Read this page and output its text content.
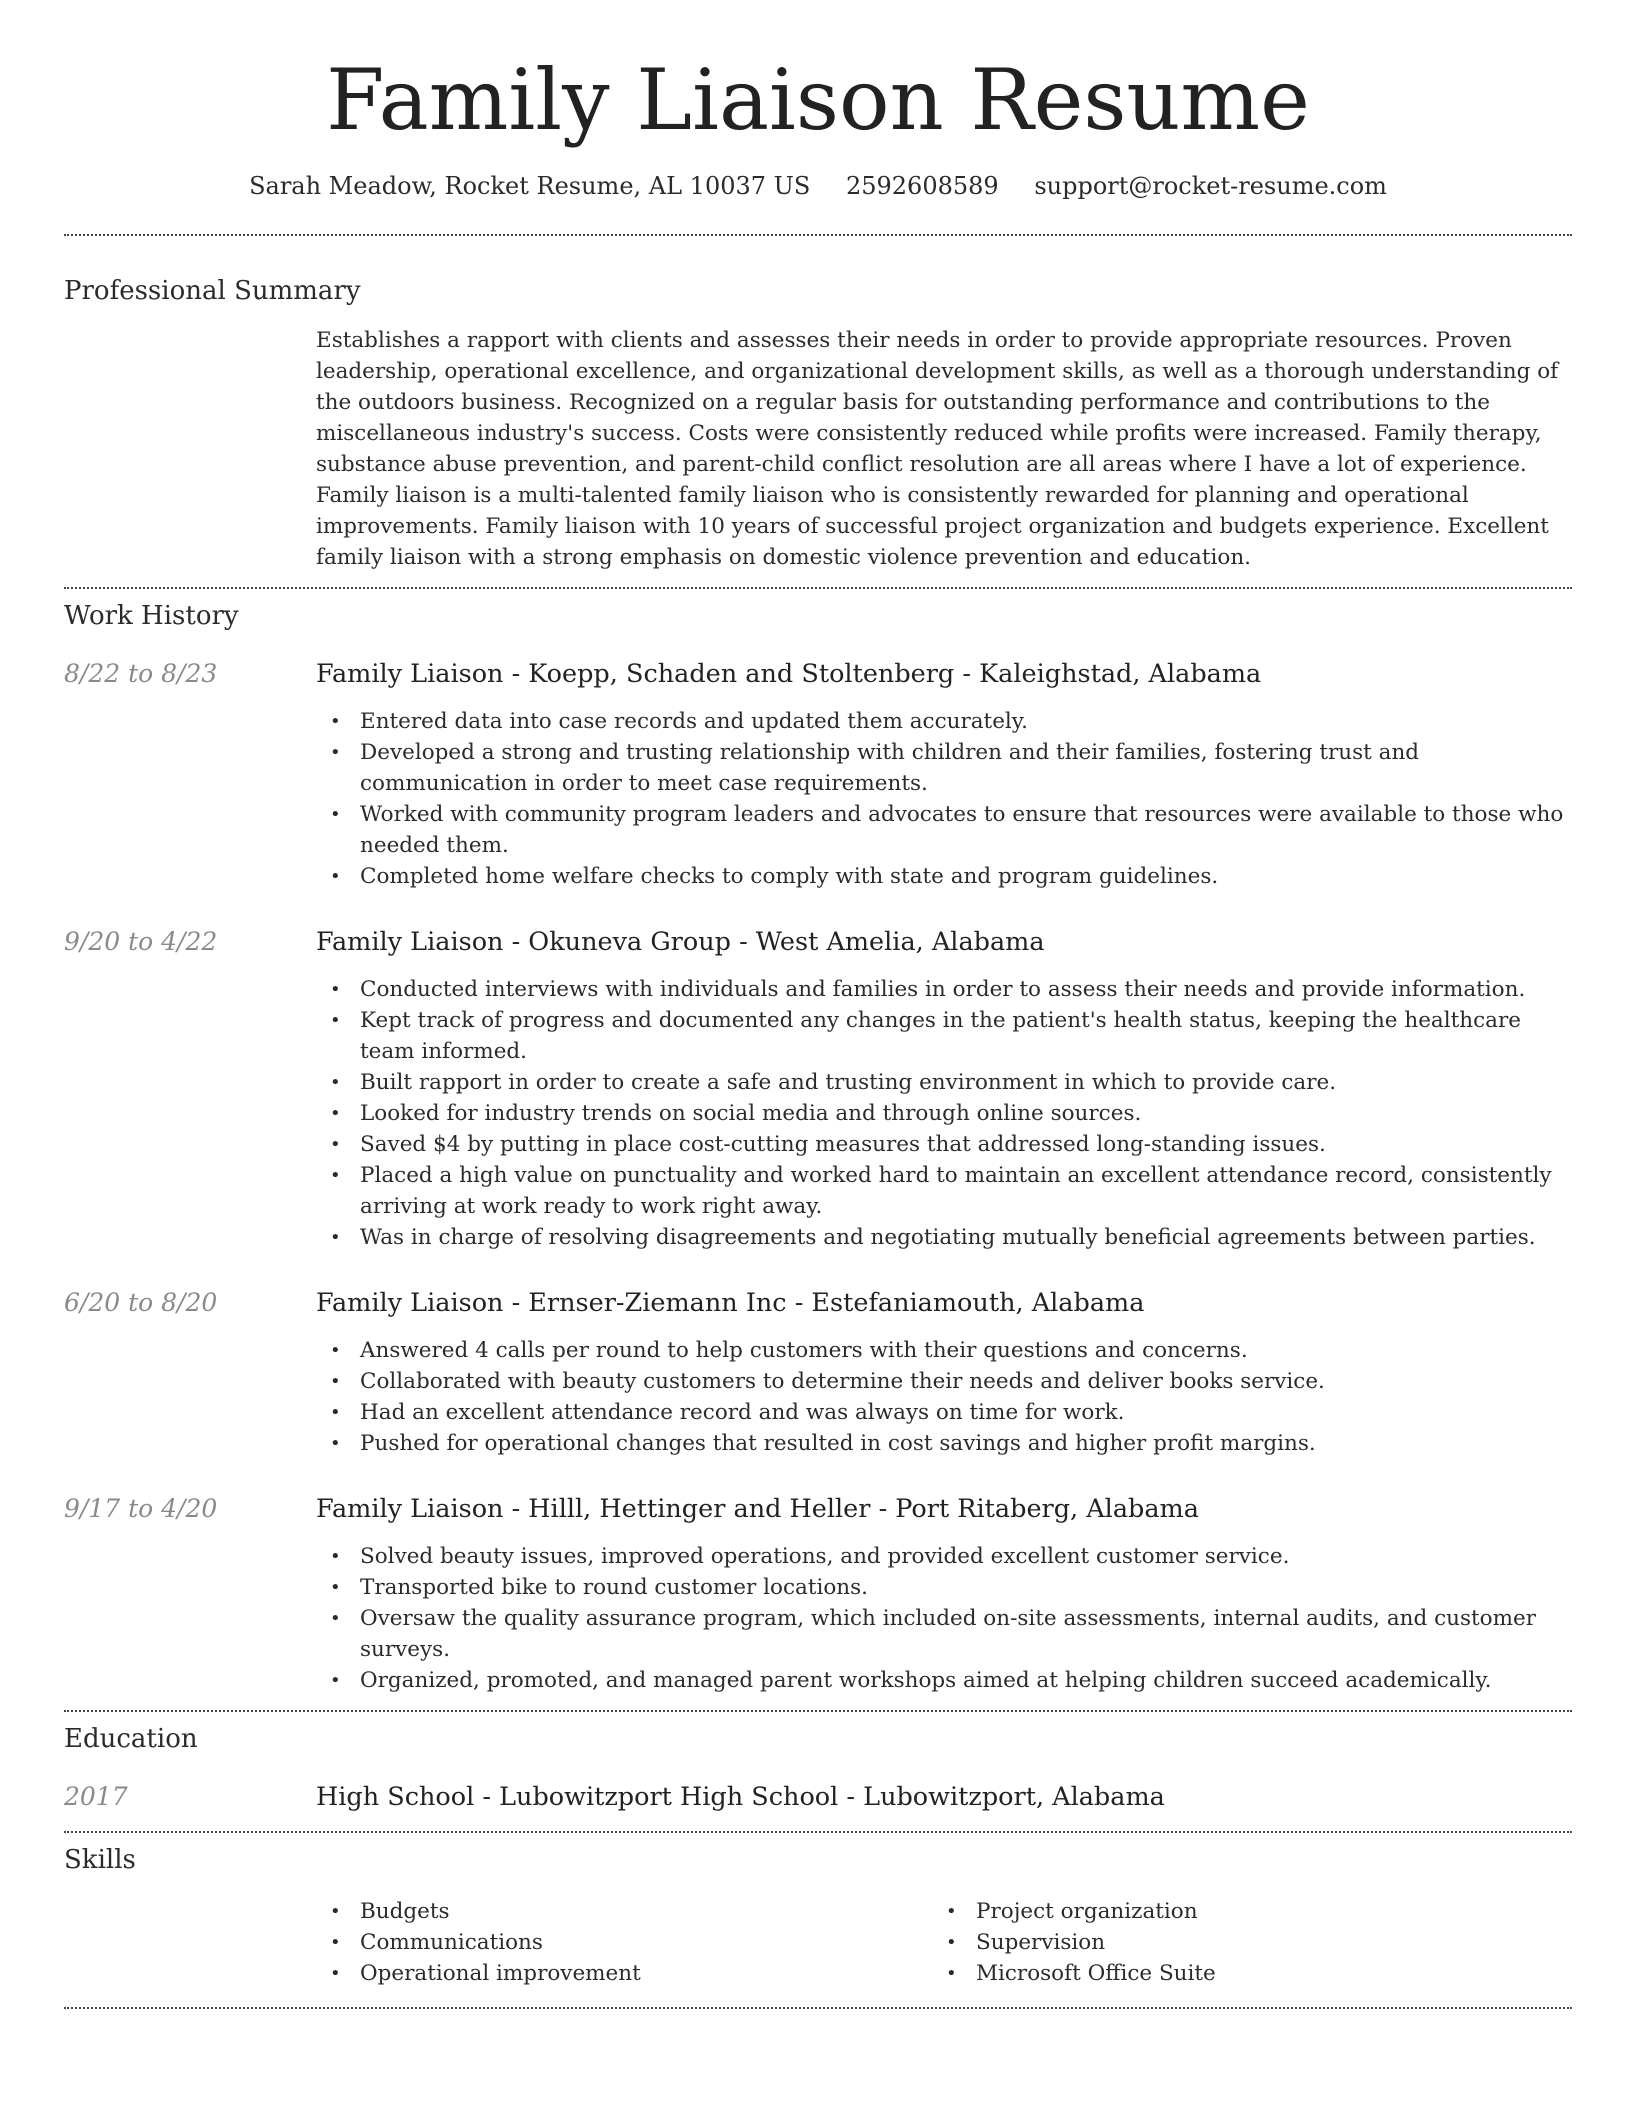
Family Liaison Resume
Sarah Meadow, Rocket Resume, AL 10037 US 2592608589 support@rocket-resume.com
Professional Summary
Establishes a rapport with clients and assesses their needs in order to provide appropriate resources. Proven leadership, operational excellence, and organizational development skills, as well as a thorough understanding of the outdoors business. Recognized on a regular basis for outstanding performance and contributions to the miscellaneous industry's success. Costs were consistently reduced while profits were increased. Family therapy, substance abuse prevention, and parent-child conflict resolution are all areas where I have a lot of experience. Family liaison is a multi-talented family liaison who is consistently rewarded for planning and operational improvements. Family liaison with 10 years of successful project organization and budgets experience. Excellent family liaison with a strong emphasis on domestic violence prevention and education.
Work History
8/22 to 8/23	Family Liaison - Koepp, Schaden and Stoltenberg - Kaleighstad, Alabama
• Entered data into case records and updated them accurately.
• Developed a strong and trusting relationship with children and their families, fostering trust and communication in order to meet case requirements.
• Worked with community program leaders and advocates to ensure that resources were available to those who needed them.
• Completed home welfare checks to comply with state and program guidelines.
9/20 to 4/22	Family Liaison - Okuneva Group - West Amelia, Alabama
• Conducted interviews with individuals and families in order to assess their needs and provide information.
• Kept track of progress and documented any changes in the patient's health status, keeping the healthcare team informed.
• Built rapport in order to create a safe and trusting environment in which to provide care.
• Looked for industry trends on social media and through online sources.
• Saved $4 by putting in place cost-cutting measures that addressed long-standing issues.
• Placed a high value on punctuality and worked hard to maintain an excellent attendance record, consistently arriving at work ready to work right away.
• Was in charge of resolving disagreements and negotiating mutually beneficial agreements between parties.
6/20 to 8/20	Family Liaison - Ernser-Ziemann Inc - Estefaniamouth, Alabama
• Answered 4 calls per round to help customers with their questions and concerns.
• Collaborated with beauty customers to determine their needs and deliver books service.
• Had an excellent attendance record and was always on time for work.
• Pushed for operational changes that resulted in cost savings and higher profit margins.
9/17 to 4/20	Family Liaison - Hilll, Hettinger and Heller - Port Ritaberg, Alabama
• Solved beauty issues, improved operations, and provided excellent customer service.
• Transported bike to round customer locations.
• Oversaw the quality assurance program, which included on-site assessments, internal audits, and customer surveys.
• Organized, promoted, and managed parent workshops aimed at helping children succeed academically.
Education
2017	High School - Lubowitzport High School - Lubowitzport, Alabama
Skills
• Budgets
• Communications
• Operational improvement
• Project organization
• Supervision
• Microsoft Office Suite
